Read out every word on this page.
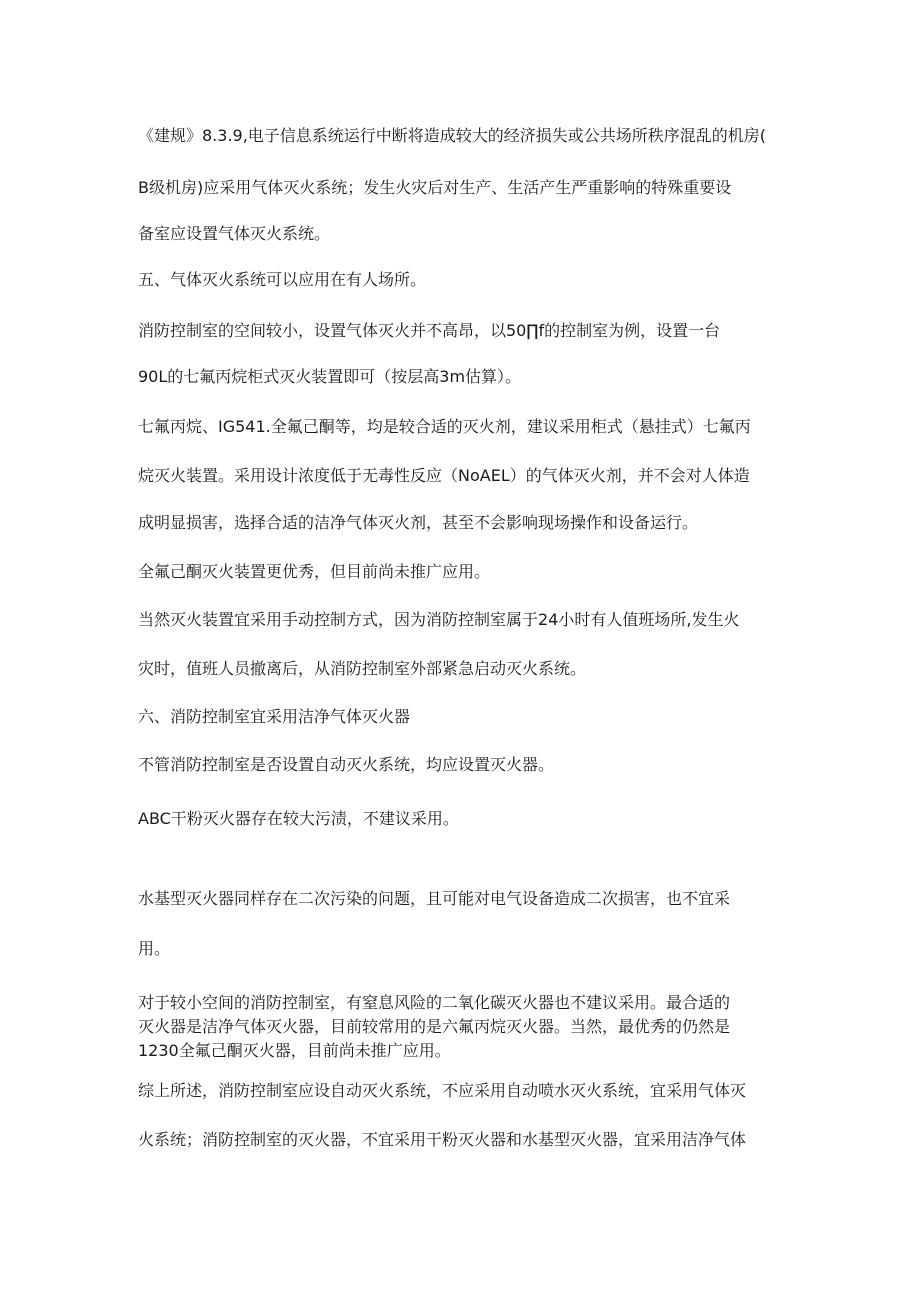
《建规》8.3.9,电子信息系统运行中断将造成较大的经济损失或公共场所秩序混乱的机房(

B级机房)应采用气体灭火系统；发生火灾后对生产、生活产生严重影响的特殊重要设

备室应设置气体灭火系统。

五、气体灭火系统可以应用在有人场所。

消防控制室的空间较小，设置气体灭火并不高昂，以50∏f的控制室为例，设置一台

90L的七氟丙烷柜式灭火装置即可（按层高3m估算）。

七氟丙烷、IG541.全氟己酮等，均是较合适的灭火剂，建议采用柜式（悬挂式）七氟丙

烷灭火装置。采用设计浓度低于无毒性反应（NoAEL）的气体灭火剂，并不会对人体造

成明显损害，选择合适的洁净气体灭火剂，甚至不会影响现场操作和设备运行。

全氟己酮灭火装置更优秀，但目前尚未推广应用。

当然灭火装置宜采用手动控制方式，因为消防控制室属于24小时有人值班场所,发生火

灾时，值班人员撤离后，从消防控制室外部紧急启动灭火系统。

六、消防控制室宜采用洁净气体灭火器

不管消防控制室是否设置自动灭火系统，均应设置灭火器。

ABC干粉灭火器存在较大污渍，不建议采用。

水基型灭火器同样存在二次污染的问题，且可能对电气设备造成二次损害，也不宜采

用。

对于较小空间的消防控制室，有窒息风险的二氧化碳灭火器也不建议采用。最合适的

灭火器是洁净气体灭火器，目前较常用的是六氟丙烷灭火器。当然，最优秀的仍然是

1230全氟己酮灭火器，目前尚未推广应用。

综上所述，消防控制室应设自动灭火系统，不应采用自动喷水灭火系统，宜采用气体灭

火系统；消防控制室的灭火器，不宜采用干粉灭火器和水基型灭火器，宜采用洁净气体
